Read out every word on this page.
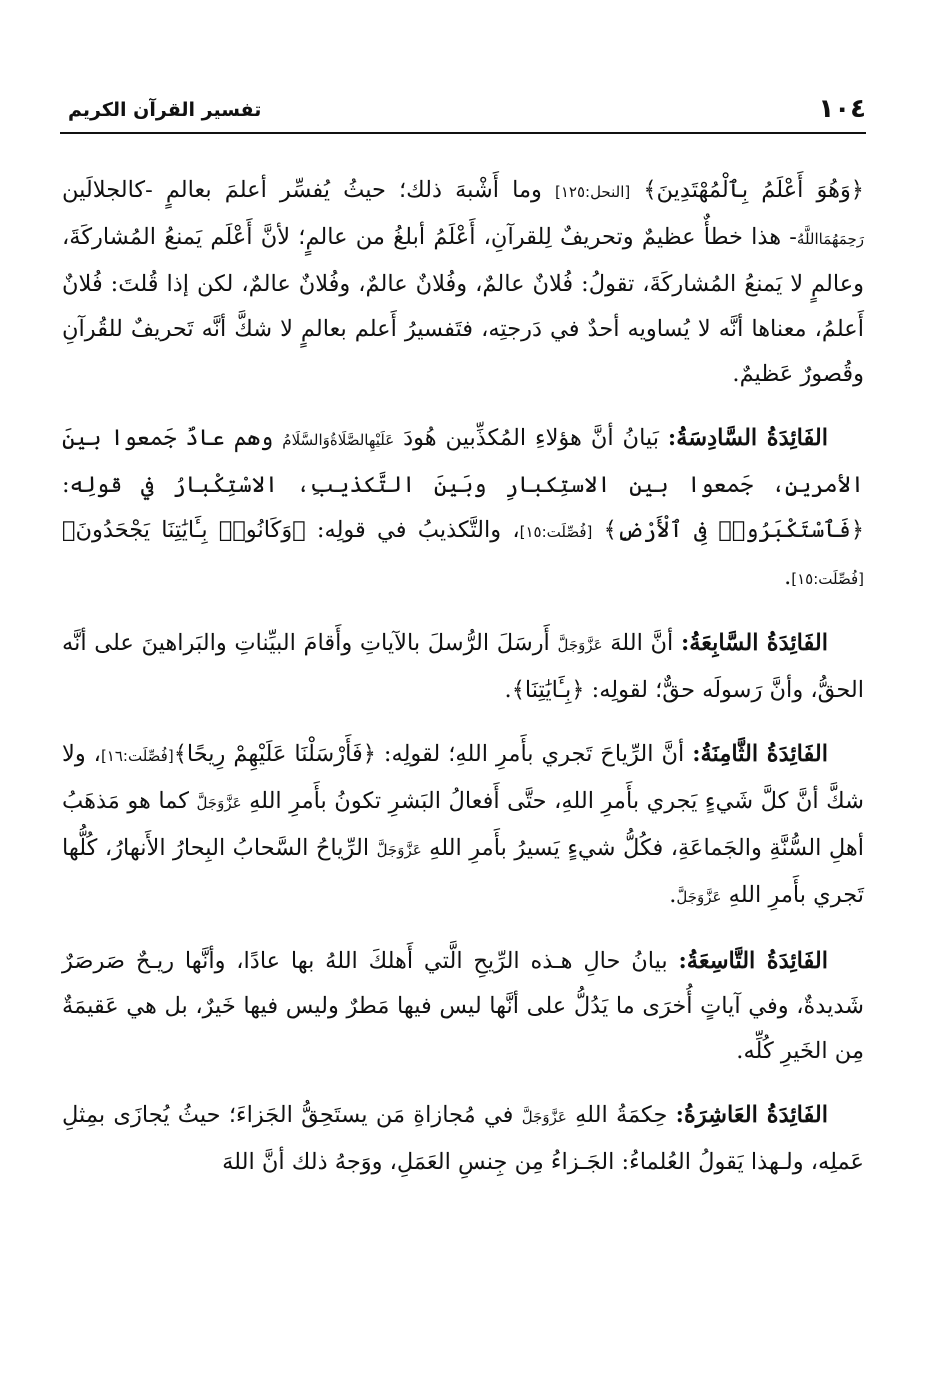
١٠٤
تفسير القرآن الكريم

﴿وَهُوَ أَعْلَمُ بِٱلْمُهْتَدِينَ﴾ [النحل:١٢٥] وما أَشْبهَ ذلك؛ حيثُ يُفسِّر أعلمَ بعالمٍ -كالجلالَين رَحِمَهُمَااللَّهُ- هذا خطأٌ عظيمٌ وتحريفٌ لِلقرآنِ، أَعْلَمُ أبلغُ من عالمٍ؛ لأنَّ أَعْلَم يَمنعُ المُشاركَةَ، وعالمٍ لا يَمنعُ المُشاركَةَ، تقولُ: فُلانٌ عالمٌ، وفُلانٌ عالمٌ، وفُلانٌ عالمٌ، لكن إذا قُلتَ: فُلانٌ أَعلمُ، معناها أنَّه لا يُساويه أحدٌ في دَرجتِه، فتَفسيرُ أَعلم بعالمٍ لا شكَّ أنَّه تَحريفٌ للقُرآنِ وقُصورٌ عَظيمٌ.

الفَائِدَةُ السَّادِسَةُ: بَيانُ أنَّ هؤلاءِ المُكذِّبين هُودَ عَلَيْهِالصَّلَاةُوَالسَّلَامُ وهم عادٌ جَمعوا بينَ الأمرينِ، جَمعوا بين الاستِكبارِ وبَينَ التَّكذيبِ، الاسْتِكْبارُ في قولِه: ﴿فَٱسْتَكْبَرُوا۟ فِى ٱلْأَرْضِ﴾ [فُصِّلَت:١٥]، والتَّكذيبُ في قولِه: ﴿وَكَانُوا۟ بِـَٔايَٰتِنَا يَجْحَدُونَ﴾ [فُصِّلَت:١٥].

الفَائِدَةُ السَّابِعَةُ: أنَّ اللهَ عَزَّوَجَلَّ أَرسَلَ الرُّسلَ بالآياتِ وأَقامَ البيِّناتِ والبَراهينَ على أنَّه الحقُّ، وأنَّ رَسولَه حقٌّ؛ لقولِه: ﴿بِـَٔايَٰتِنَا﴾.

الفَائِدَةُ الثَّامِنَةُ: أنَّ الرِّياحَ تَجري بأَمرِ اللهِ؛ لقولِه: ﴿فَأَرْسَلْنَا عَلَيْهِمْ رِيحًا﴾[فُصِّلَت:١٦]، ولا شكَّ أنَّ كلَّ شَيءٍ يَجري بأَمرِ اللهِ، حتَّى أَفعالُ البَشرِ تكونُ بأَمرِ اللهِ عَزَّوَجَلَّ كما هو مَذهَبُ أهلِ السُّنَّةِ والجَماعَةِ، فكُلُّ شيءٍ يَسيرُ بأَمرِ اللهِ عَزَّوَجَلَّ الرِّياحُ السَّحابُ البِحارُ الأَنهارُ، كُلُّها تَجري بأَمرِ اللهِ عَزَّوَجَلَّ.

الفَائِدَةُ التَّاسِعَةُ: بيانُ حالِ هـذه الرِّيحِ الَّتي أَهلكَ اللهُ بها عادًا، وأنَّها ريـحٌ صَرصَرٌ شَديدةٌ، وفي آياتٍ أُخرَى ما يَدُلُّ على أنَّها ليس فيها مَطرٌ وليس فيها خَيرٌ، بل هي عَقيمَةٌ مِن الخَيرِ كُلِّه.

الفَائِدَةُ العَاشِرَةُ: حِكمَةُ اللهِ عَزَّوَجَلَّ في مُجازاةِ مَن يستَحِقُّ الجَزاءَ؛ حيثُ يُجازَى بمِثلِ عَملِه، ولـهذا يَقولُ العُلماءُ: الجَـزاءُ مِن جِنسِ العَمَلِ، ووَجهُ ذلك أنَّ اللهَ
